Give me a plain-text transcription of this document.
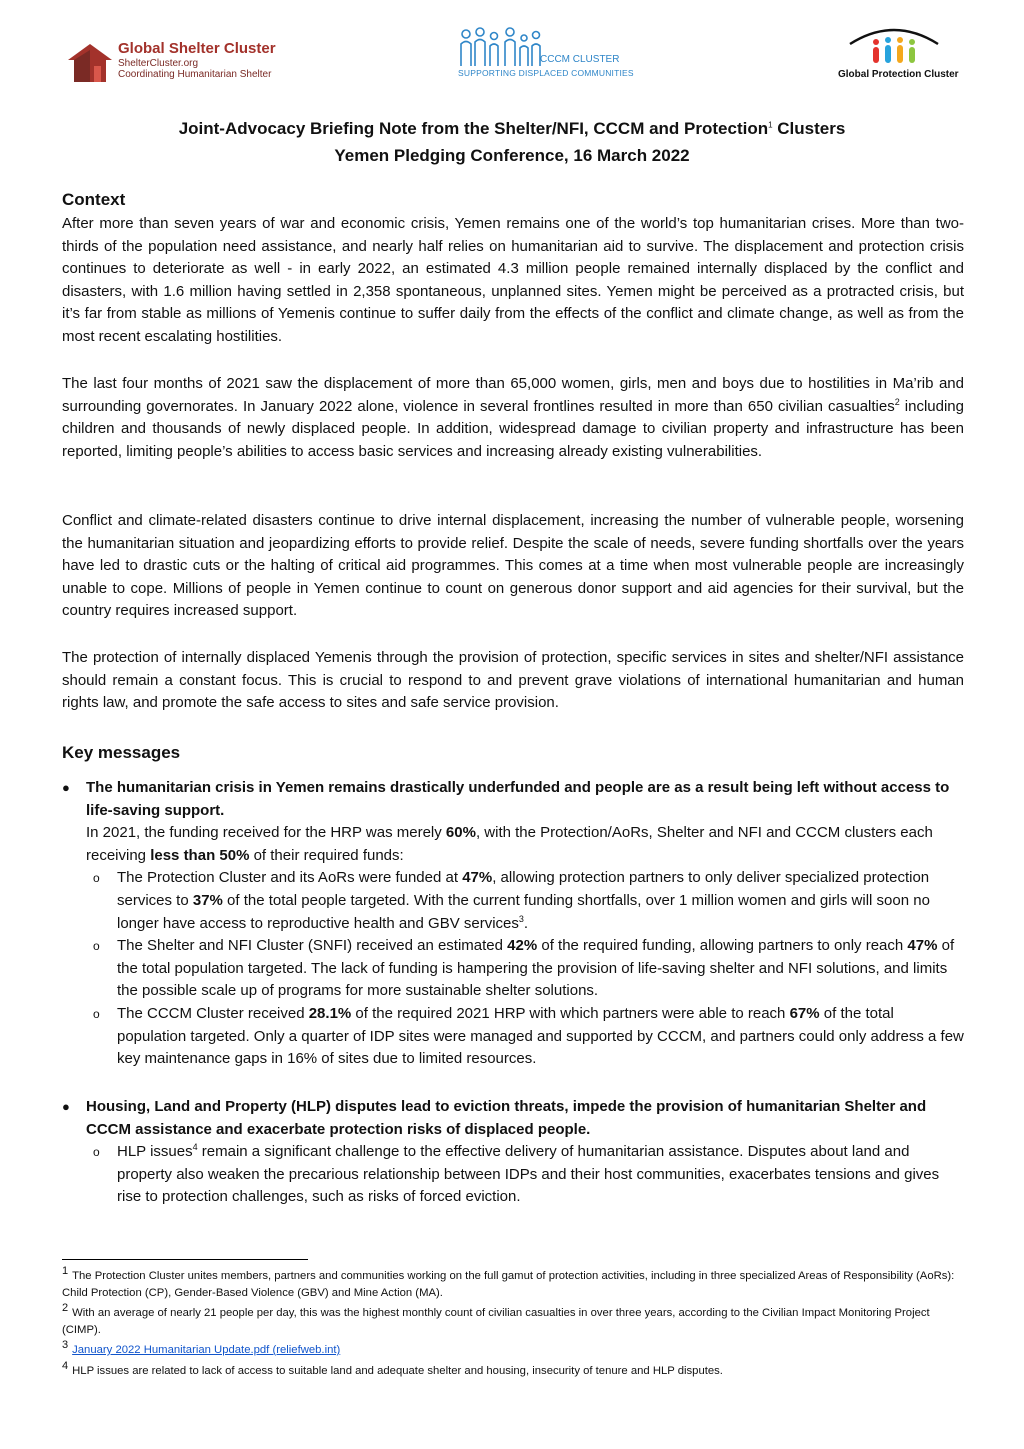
Global Shelter Cluster
ShelterCluster.org
Coordinating Humanitarian Shelter
CCCM CLUSTER
SUPPORTING DISPLACED COMMUNITIES	Global Protection Cluster

Joint-Advocacy Briefing Note from the Shelter/NFI, CCCM and Protection$^1$ Clusters

Yemen Pledging Conference, 16 March 2022

Context

After more than seven years of war and economic crisis, Yemen remains one of the world’s top humanitarian crises. More than two-thirds of the population need assistance, and nearly half relies on humanitarian aid to survive. The displacement and protection crisis continues to deteriorate as well - in early 2022, an estimated 4.3 million people remained internally displaced by the conflict and disasters, with 1.6 million having settled in 2,358 spontaneous, unplanned sites. Yemen might be perceived as a protracted crisis, but it’s far from stable as millions of Yemenis continue to suffer daily from the effects of the conflict and climate change, as well as from the most recent escalating hostilities.

The last four months of 2021 saw the displacement of more than 65,000 women, girls, men and boys due to hostilities in Ma’rib and surrounding governorates. In January 2022 alone, violence in several frontlines resulted in more than 650 civilian casualties$^2$ including children and thousands of newly displaced people. In addition, widespread damage to civilian property and infrastructure has been reported, limiting people’s abilities to access basic services and increasing already existing vulnerabilities.

Conflict and climate-related disasters continue to drive internal displacement, increasing the number of vulnerable people, worsening the humanitarian situation and jeopardizing efforts to provide relief. Despite the scale of needs, severe funding shortfalls over the years have led to drastic cuts or the halting of critical aid programmes. This comes at a time when most vulnerable people are increasingly unable to cope. Millions of people in Yemen continue to count on generous donor support and aid agencies for their survival, but the country requires increased support.

The protection of internally displaced Yemenis through the provision of protection, specific services in sites and shelter/NFI assistance should remain a constant focus. This is crucial to respond to and prevent grave violations of international humanitarian and human rights law, and promote the safe access to sites and safe service provision.

Key messages
● The humanitarian crisis in Yemen remains drastically underfunded and people are as a result being left without access to life-saving support.

In 2021, the funding received for the HRP was merely 60%, with the Protection/AoRs, Shelter and NFI and CCCM clusters each receiving less than 50% of their required funds:

o The Protection Cluster and its AoRs were funded at 47%, allowing protection partners to only deliver specialized protection services to 37% of the total people targeted. With the current funding shortfalls, over 1 million women and girls will soon no longer have access to reproductive health and GBV services$^3$.

o The Shelter and NFI Cluster (SNFI) received an estimated 42% of the required funding, allowing partners to only reach 47% of the total population targeted. The lack of funding is hampering the provision of life-saving shelter and NFI solutions, and limits the possible scale up of programs for more sustainable shelter solutions.

o The CCCM Cluster received 28.1% of the required 2021 HRP with which partners were able to reach 67% of the total population targeted. Only a quarter of IDP sites were managed and supported by CCCM, and partners could only address a few key maintenance gaps in 16% of sites due to limited resources.

● Housing, Land and Property (HLP) disputes lead to eviction threats, impede the provision of humanitarian Shelter and CCCM assistance and exacerbate protection risks of displaced people.

o HLP issues$^4$ remain a significant challenge to the effective delivery of humanitarian assistance. Disputes about land and property also weaken the precarious relationship between IDPs and their host communities, exacerbates tensions and gives rise to protection challenges, such as risks of forced eviction.

1 The Protection Cluster unites members, partners and communities working on the full gamut of protection activities, including in three specialized Areas of Responsibility (AoRs): Child Protection (CP), Gender-Based Violence (GBV) and Mine Action (MA).

2 With an average of nearly 21 people per day, this was the highest monthly count of civilian casualties in over three years, according to the Civilian Impact Monitoring Project (CIMP).

3 January 2022 Humanitarian Update.pdf (reliefweb.int)

4 HLP issues are related to lack of access to suitable land and adequate shelter and housing, insecurity of tenure and HLP disputes.
